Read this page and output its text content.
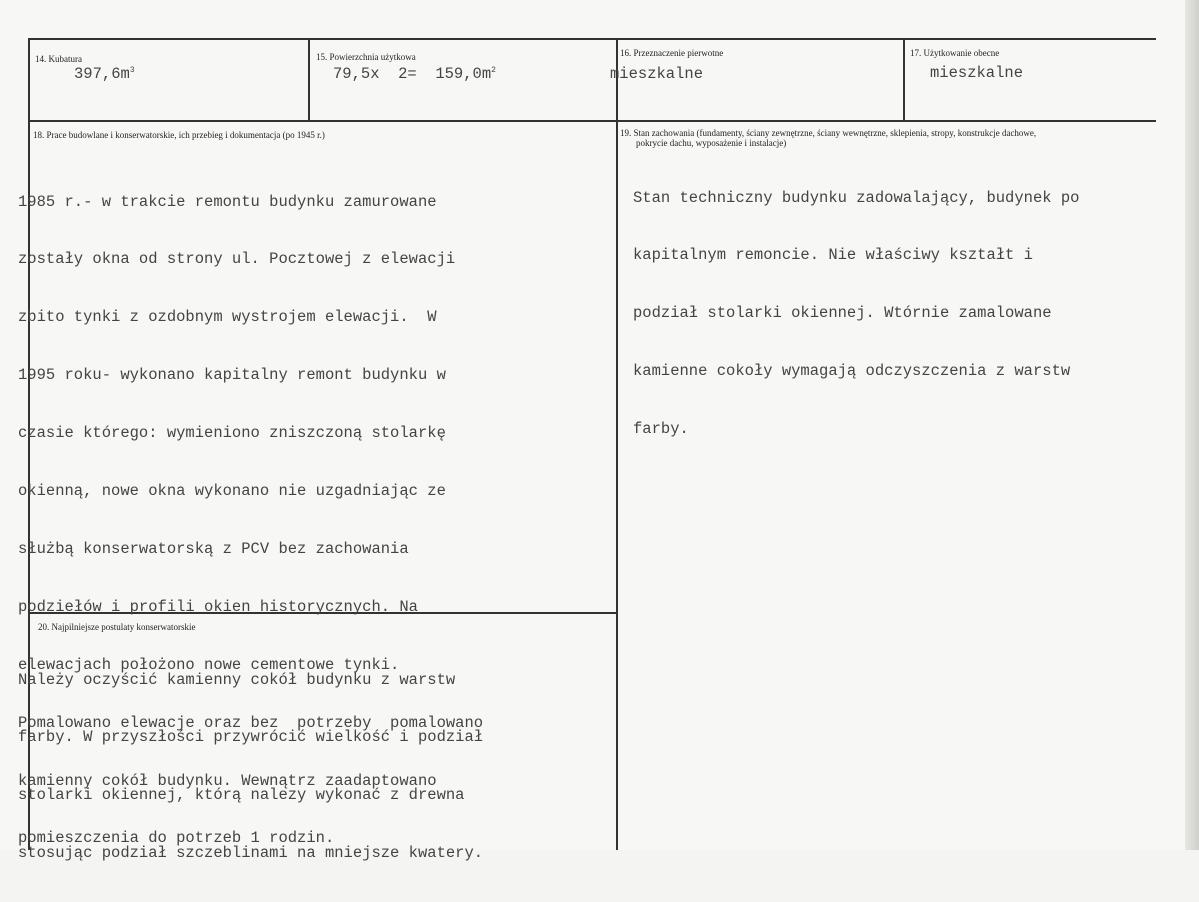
14. Kubatura
$397,6m^3$
15. Powierzchnia użytkowa
79,5x  $2= 159,0m^2$
16. Przeznaczenie pierwotne
mieszkalne
17. Użytkowanie obecne
mieszkalne
18. Prace budowlane i konserwatorskie, ich przebieg i dokumentacja (po 1945 r.)

1985 r.- w trakcie remontu budynku zamurowane

zostały okna od strony ul. Pocztowej z elewacji

zbito tynki z ozdobnym wystrojem elewacji.  W

1995 roku- wykonano kapitalny remont budynku w

czasie którego: wymieniono zniszczoną stolarkę

okienną, nowe okna wykonano nie uzgadniając ze

służbą konserwatorską z PCV bez zachowania

podziełów i profili okien historycznych. Na

elewacjach położono nowe cementowe tynki.

Pomalowano elewacje oraz bez  potrzeby  pomalowano

kamienny cokół budynku. Wewnątrz zaadaptowano

pomieszczenia do potrzeb 1 rodzin.

19. Stan zachowania (fundamenty, ściany zewnętrzne, ściany wewnętrzne, sklepienia, stropy, konstrukcje dachowe,
pokrycie dachu, wyposażenie i instalacje)

Stan techniczny budynku zadowalający, budynek po

kapitalnym remoncie. Nie właściwy kształt i

podział stolarki okiennej. Wtórnie zamalowane

kamienne cokoły wymagają odczyszczenia z warstw

farby.

20. Najpilniejsze postulaty konserwatorskie

Należy oczyścić kamienny cokół budynku z warstw

farby. W przyszłości przywrócić wielkość i podział

stolarki okiennej, którą nalezy wykonać z drewna

stosując podział szczeblinami na mniejsze kwatery.
